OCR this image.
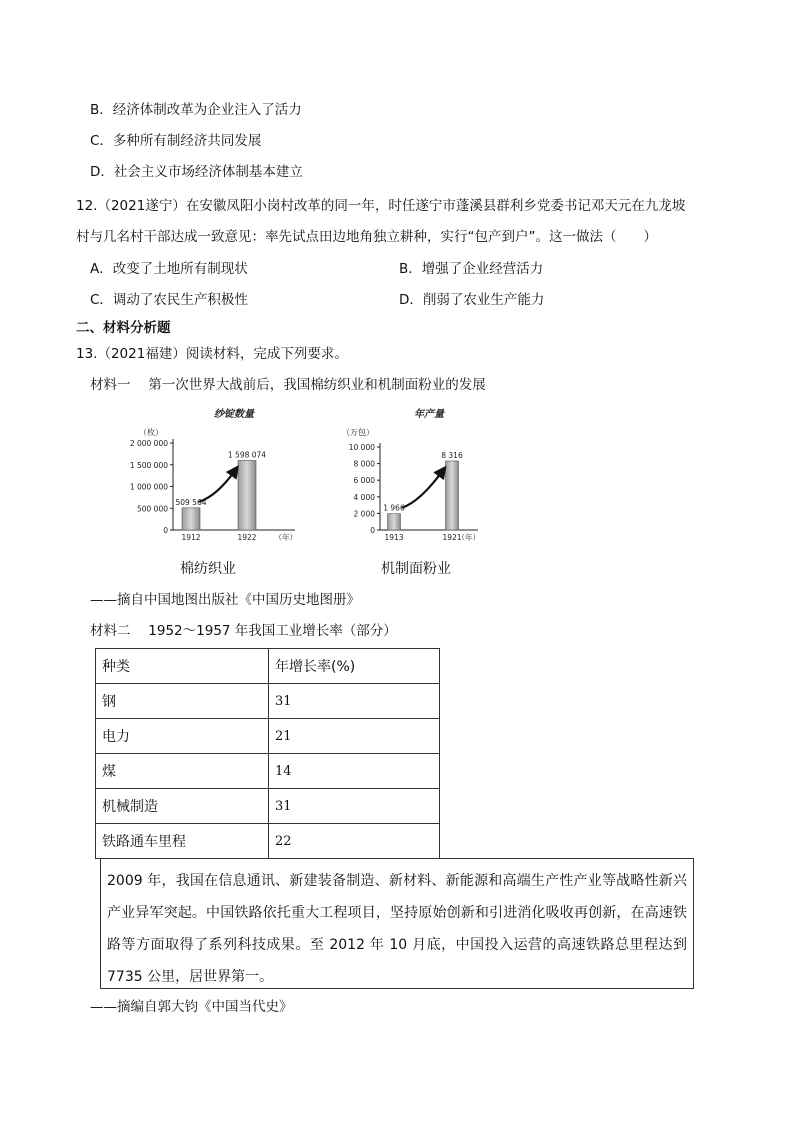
B．经济体制改革为企业注入了活力
C．多种所有制经济共同发展
D．社会主义市场经济体制基本建立
12.（2021遂宁）在安徽凤阳小岗村改革的同一年，时任遂宁市蓬溪县群利乡党委书记邓天元在九龙坡
村与几名村干部达成一致意见：率先试点田边地角独立耕种，实行“包产到户”。这一做法（　　）
A．改变了土地所有制现状	B．增强了企业经营活力
C．调动了农民生产积极性	D．削弱了农业生产能力
二、材料分析题
13.（2021福建）阅读材料，完成下列要求。
材料一　 第一次世界大战前后，我国棉纺织业和机制面粉业的发展
纱锭数量
（枚）
0
500 000
1 000 000
1 500 000
2 000 000
509 564
1912
1 598 074
1922 （年）
年产量
（万包）
0
2 000
4 000
6 000
8 000
10 000
1 966
1913
8 316
1921
（年）
棉纺织业	机制面粉业
——摘自中国地图出版社《中国历史地图册》
材料二　 1952～1957 年我国工业增长率（部分）
种类	年增长率(%)
钢	31
电力	21
煤	14
机械制造	31
铁路通车里程	22
2009 年，我国在信息通讯、新建装备制造、新材料、新能源和高端生产性产业等战略性新兴产业异军突起。中国铁路依托重大工程项目，坚持原始创新和引进消化吸收再创新，在高速铁路等方面取得了系列科技成果。至 2012 年 10 月底，中国投入运营的高速铁路总里程达到 7735 公里，居世界第一。
——摘编自郭大钧《中国当代史》
